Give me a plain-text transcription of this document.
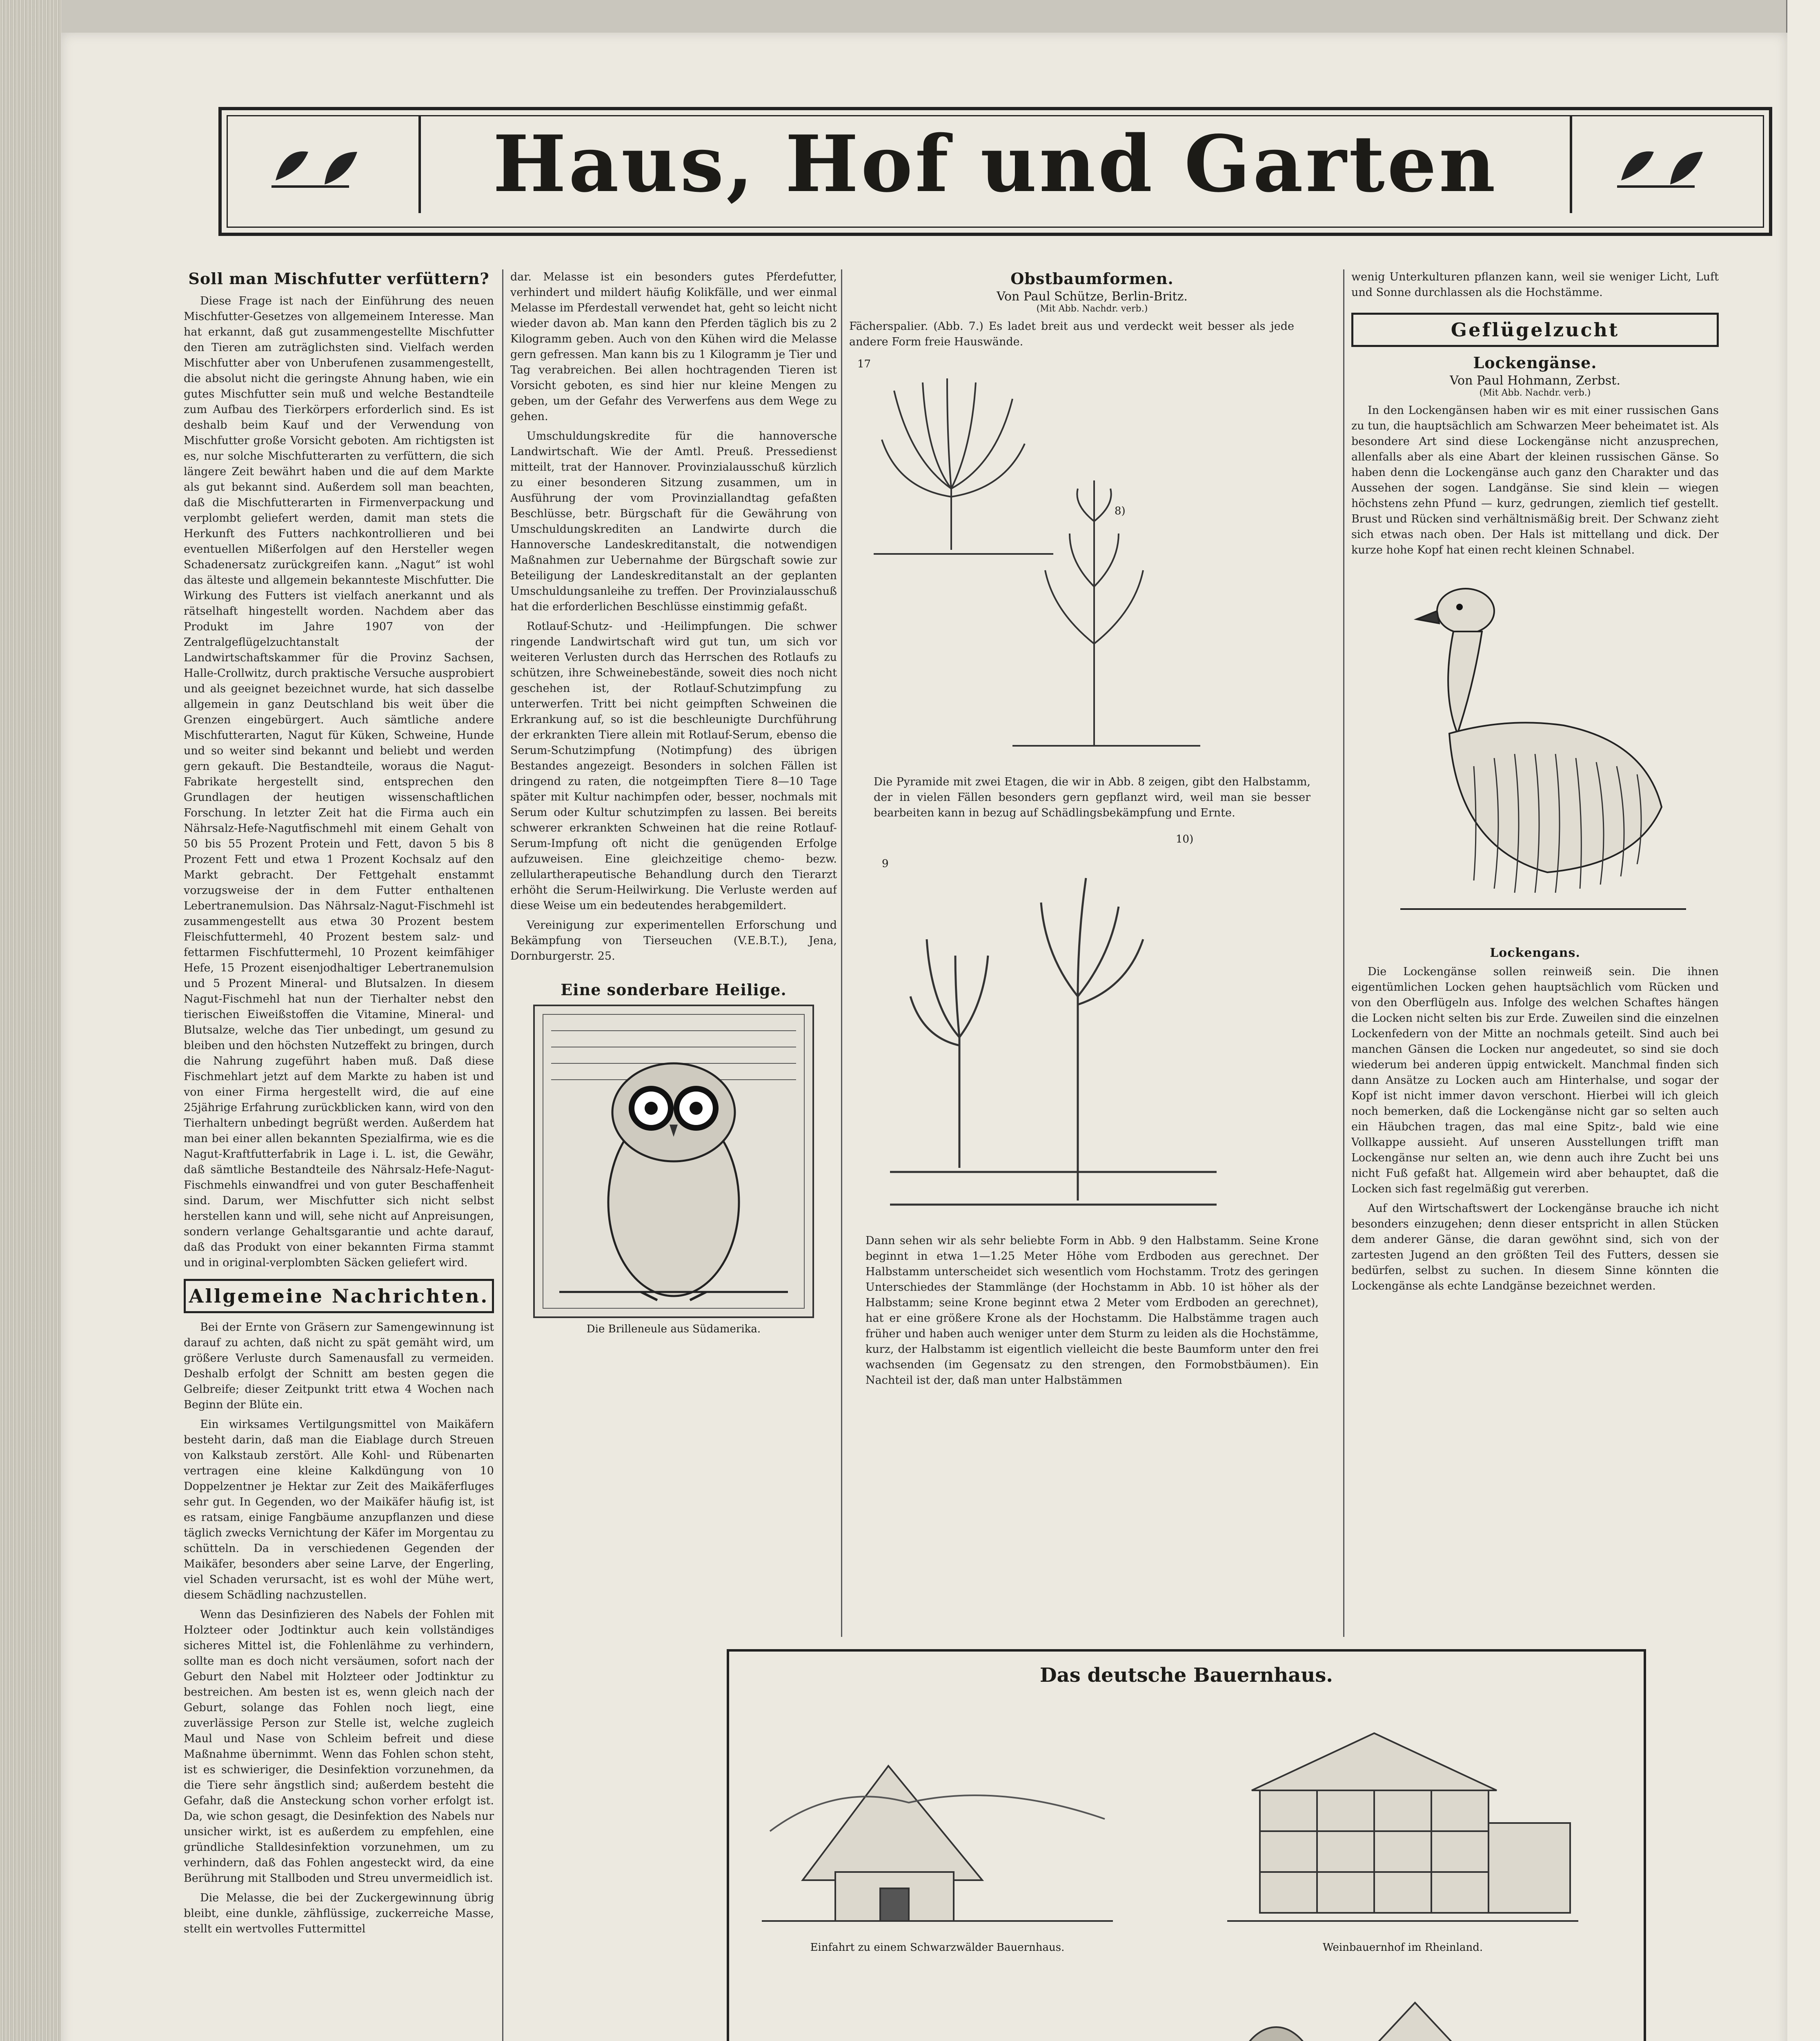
Haus, Hof und Garten
Soll man Mischfutter verfüttern?

Diese Frage ist nach der Einführung des neuen Mischfutter-Gesetzes von allgemeinem Interesse. Man hat erkannt, daß gut zusammengestellte Mischfutter den Tieren am zuträglichsten sind. Vielfach werden Mischfutter aber von Unberufenen zusammengestellt, die absolut nicht die geringste Ahnung haben, wie ein gutes Mischfutter sein muß und welche Bestandteile zum Aufbau des Tierkörpers erforderlich sind. Es ist deshalb beim Kauf und der Verwendung von Mischfutter große Vorsicht geboten. Am richtigsten ist es, nur solche Mischfutterarten zu verfüttern, die sich längere Zeit bewährt haben und die auf dem Markte als gut bekannt sind. Außerdem soll man beachten, daß die Mischfutterarten in Firmenverpackung und verplombt geliefert werden, damit man stets die Herkunft des Futters nachkontrollieren und bei eventuellen Mißerfolgen auf den Hersteller wegen Schadenersatz zurückgreifen kann. „Nagut“ ist wohl das älteste und allgemein bekannteste Mischfutter. Die Wirkung des Futters ist vielfach anerkannt und als rätselhaft hingestellt worden. Nachdem aber das Produkt im Jahre 1907 von der Zentralgeflügelzuchtanstalt der Landwirtschaftskammer für die Provinz Sachsen, Halle-Crollwitz, durch praktische Versuche ausprobiert und als geeignet bezeichnet wurde, hat sich dasselbe allgemein in ganz Deutschland bis weit über die Grenzen eingebürgert. Auch sämtliche andere Mischfutterarten, Nagut für Küken, Schweine, Hunde und so weiter sind bekannt und beliebt und werden gern gekauft. Die Bestandteile, woraus die Nagut-Fabrikate hergestellt sind, entsprechen den Grundlagen der heutigen wissenschaftlichen Forschung. In letzter Zeit hat die Firma auch ein Nährsalz-Hefe-Nagutfischmehl mit einem Gehalt von 50 bis 55 Prozent Protein und Fett, davon 5 bis 8 Prozent Fett und etwa 1 Prozent Kochsalz auf den Markt gebracht. Der Fettgehalt enstammt vorzugsweise der in dem Futter enthaltenen Lebertranemulsion. Das Nährsalz-Nagut-Fischmehl ist zusammengestellt aus etwa 30 Prozent bestem Fleischfuttermehl, 40 Prozent bestem salz- und fettarmen Fischfuttermehl, 10 Prozent keimfähiger Hefe, 15 Prozent eisenjodhaltiger Lebertranemulsion und 5 Prozent Mineral- und Blutsalzen. In diesem Nagut-Fischmehl hat nun der Tierhalter nebst den tierischen Eiweißstoffen die Vitamine, Mineral- und Blutsalze, welche das Tier unbedingt, um gesund zu bleiben und den höchsten Nutzeffekt zu bringen, durch die Nahrung zugeführt haben muß. Daß diese Fischmehlart jetzt auf dem Markte zu haben ist und von einer Firma hergestellt wird, die auf eine 25jährige Erfahrung zurückblicken kann, wird von den Tierhaltern unbedingt begrüßt werden. Außerdem hat man bei einer allen bekannten Spezialfirma, wie es die Nagut-Kraftfutterfabrik in Lage i. L. ist, die Gewähr, daß sämtliche Bestandteile des Nährsalz-Hefe-Nagut-Fischmehls einwandfrei und von guter Beschaffenheit sind. Darum, wer Mischfutter sich nicht selbst herstellen kann und will, sehe nicht auf Anpreisungen, sondern verlange Gehaltsgarantie und achte darauf, daß das Produkt von einer bekannten Firma stammt und in original-verplombten Säcken geliefert wird.

Allgemeine Nachrichten.

Bei der Ernte von Gräsern zur Samengewinnung ist darauf zu achten, daß nicht zu spät gemäht wird, um größere Verluste durch Samenausfall zu vermeiden. Deshalb erfolgt der Schnitt am besten gegen die Gelbreife; dieser Zeitpunkt tritt etwa 4 Wochen nach Beginn der Blüte ein.

Ein wirksames Vertilgungsmittel von Maikäfern besteht darin, daß man die Eiablage durch Streuen von Kalkstaub zerstört. Alle Kohl- und Rübenarten vertragen eine kleine Kalkdüngung von 10 Doppelzentner je Hektar zur Zeit des Maikäferfluges sehr gut. In Gegenden, wo der Maikäfer häufig ist, ist es ratsam, einige Fangbäume anzupflanzen und diese täglich zwecks Vernichtung der Käfer im Morgentau zu schütteln. Da in verschiedenen Gegenden der Maikäfer, besonders aber seine Larve, der Engerling, viel Schaden verursacht, ist es wohl der Mühe wert, diesem Schädling nachzustellen.

Wenn das Desinfizieren des Nabels der Fohlen mit Holzteer oder Jodtinktur auch kein vollständiges sicheres Mittel ist, die Fohlenlähme zu verhindern, sollte man es doch nicht versäumen, sofort nach der Geburt den Nabel mit Holzteer oder Jodtinktur zu bestreichen. Am besten ist es, wenn gleich nach der Geburt, solange das Fohlen noch liegt, eine zuverlässige Person zur Stelle ist, welche zugleich Maul und Nase von Schleim befreit und diese Maßnahme übernimmt. Wenn das Fohlen schon steht, ist es schwieriger, die Desinfektion vorzunehmen, da die Tiere sehr ängstlich sind; außerdem besteht die Gefahr, daß die Ansteckung schon vorher erfolgt ist. Da, wie schon gesagt, die Desinfektion des Nabels nur unsicher wirkt, ist es außerdem zu empfehlen, eine gründliche Stalldesinfektion vorzunehmen, um zu verhindern, daß das Fohlen angesteckt wird, da eine Berührung mit Stallboden und Streu unvermeidlich ist.

Die Melasse, die bei der Zuckergewinnung übrig bleibt, eine dunkle, zähflüssige, zuckerreiche Masse, stellt ein wertvolles Futtermittel

dar. Melasse ist ein besonders gutes Pferdefutter, verhindert und mildert häufig Kolikfälle, und wer einmal Melasse im Pferdestall verwendet hat, geht so leicht nicht wieder davon ab. Man kann den Pferden täglich bis zu 2 Kilogramm geben. Auch von den Kühen wird die Melasse gern gefressen. Man kann bis zu 1 Kilogramm je Tier und Tag verabreichen. Bei allen hochtragenden Tieren ist Vorsicht geboten, es sind hier nur kleine Mengen zu geben, um der Gefahr des Verwerfens aus dem Wege zu gehen.

Umschuldungskredite für die hannoversche Landwirtschaft. Wie der Amtl. Preuß. Pressedienst mitteilt, trat der Hannover. Provinzialausschuß kürzlich zu einer besonderen Sitzung zusammen, um in Ausführung der vom Provinziallandtag gefaßten Beschlüsse, betr. Bürgschaft für die Gewährung von Umschuldungskrediten an Landwirte durch die Hannoversche Landeskreditanstalt, die notwendigen Maßnahmen zur Uebernahme der Bürgschaft sowie zur Beteiligung der Landeskreditanstalt an der geplanten Umschuldungsanleihe zu treffen. Der Provinzialausschuß hat die erforderlichen Beschlüsse einstimmig gefaßt.

Rotlauf-Schutz- und -Heilimpfungen. Die schwer ringende Landwirtschaft wird gut tun, um sich vor weiteren Verlusten durch das Herrschen des Rotlaufs zu schützen, ihre Schweinebestände, soweit dies noch nicht geschehen ist, der Rotlauf-Schutzimpfung zu unterwerfen. Tritt bei nicht geimpften Schweinen die Erkrankung auf, so ist die beschleunigte Durchführung der erkrankten Tiere allein mit Rotlauf-Serum, ebenso die Serum-Schutzimpfung (Notimpfung) des übrigen Bestandes angezeigt. Besonders in solchen Fällen ist dringend zu raten, die notgeimpften Tiere 8—10 Tage später mit Kultur nachimpfen oder, besser, nochmals mit Serum oder Kultur schutzimpfen zu lassen. Bei bereits schwerer erkrankten Schweinen hat die reine Rotlauf-Serum-Impfung oft nicht die genügenden Erfolge aufzuweisen. Eine gleichzeitige chemo- bezw. zellulartherapeutische Behandlung durch den Tierarzt erhöht die Serum-Heilwirkung. Die Verluste werden auf diese Weise um ein bedeutendes herabgemildert.

Vereinigung zur experimentellen Erforschung und Bekämpfung von Tierseuchen (V.E.B.T.), Jena, Dornburgerstr. 25.

Eine sonderbare Heilige.
Die Brilleneule aus Südamerika.
Obstbaumformen.
Von Paul Schütze, Berlin-Britz.
(Mit Abb. Nachdr. verb.)
Fächerspalier. (Abb. 7.) Es ladet breit aus und verdeckt weit besser als jede andere Form freie Hauswände.
17
8)
Die Pyramide mit zwei Etagen, die wir in Abb. 8 zeigen, gibt den Halbstamm, der in vielen Fällen besonders gern gepflanzt wird, weil man sie besser bearbeiten kann in bezug auf Schädlingsbekämpfung und Ernte.
9
10)
Dann sehen wir als sehr beliebte Form in Abb. 9 den Halbstamm. Seine Krone beginnt in etwa 1—1.25 Meter Höhe vom Erdboden aus gerechnet. Der Halbstamm unterscheidet sich wesentlich vom Hochstamm. Trotz des geringen Unterschiedes der Stammlänge (der Hochstamm in Abb. 10 ist höher als der Halbstamm; seine Krone beginnt etwa 2 Meter vom Erdboden an gerechnet), hat er eine größere Krone als der Hochstamm. Die Halbstämme tragen auch früher und haben auch weniger unter dem Sturm zu leiden als die Hochstämme, kurz, der Halbstamm ist eigentlich vielleicht die beste Baumform unter den frei wachsenden (im Gegensatz zu den strengen, den Formobstbäumen). Ein Nachteil ist der, daß man unter Halbstämmen
wenig Unterkulturen pflanzen kann, weil sie weniger Licht, Luft und Sonne durchlassen als die Hochstämme.
Geflügelzucht
Lockengänse.
Von Paul Hohmann, Zerbst.
(Mit Abb. Nachdr. verb.)

In den Lockengänsen haben wir es mit einer russischen Gans zu tun, die hauptsächlich am Schwarzen Meer beheimatet ist. Als besondere Art sind diese Lockengänse nicht anzusprechen, allenfalls aber als eine Abart der kleinen russischen Gänse. So haben denn die Lockengänse auch ganz den Charakter und das Aussehen der sogen. Landgänse. Sie sind klein — wiegen höchstens zehn Pfund — kurz, gedrungen, ziemlich tief gestellt. Brust und Rücken sind verhältnismäßig breit. Der Schwanz zieht sich etwas nach oben. Der Hals ist mittellang und dick. Der kurze hohe Kopf hat einen recht kleinen Schnabel.

Lockengans.

Die Lockengänse sollen reinweiß sein. Die ihnen eigentümlichen Locken gehen hauptsächlich vom Rücken und von den Oberflügeln aus. Infolge des welchen Schaftes hängen die Locken nicht selten bis zur Erde. Zuweilen sind die einzelnen Lockenfedern von der Mitte an nochmals geteilt. Sind auch bei manchen Gänsen die Locken nur angedeutet, so sind sie doch wiederum bei anderen üppig entwickelt. Manchmal finden sich dann Ansätze zu Locken auch am Hinterhalse, und sogar der Kopf ist nicht immer davon verschont. Hierbei will ich gleich noch bemerken, daß die Lockengänse nicht gar so selten auch ein Häubchen tragen, das mal eine Spitz-, bald wie eine Vollkappe aussieht. Auf unseren Ausstellungen trifft man Lockengänse nur selten an, wie denn auch ihre Zucht bei uns nicht Fuß gefaßt hat. Allgemein wird aber behauptet, daß die Locken sich fast regelmäßig gut vererben.

Auf den Wirtschaftswert der Lockengänse brauche ich nicht besonders einzugehen; denn dieser entspricht in allen Stücken dem anderer Gänse, die daran gewöhnt sind, sich von der zartesten Jugend an den größten Teil des Futters, dessen sie bedürfen, selbst zu suchen. In diesem Sinne könnten die Lockengänse als echte Landgänse bezeichnet werden.

Das deutsche Bauernhaus.
Einfahrt zu einem Schwarzwälder Bauernhaus.	Weinbauernhof im Rheinland.
